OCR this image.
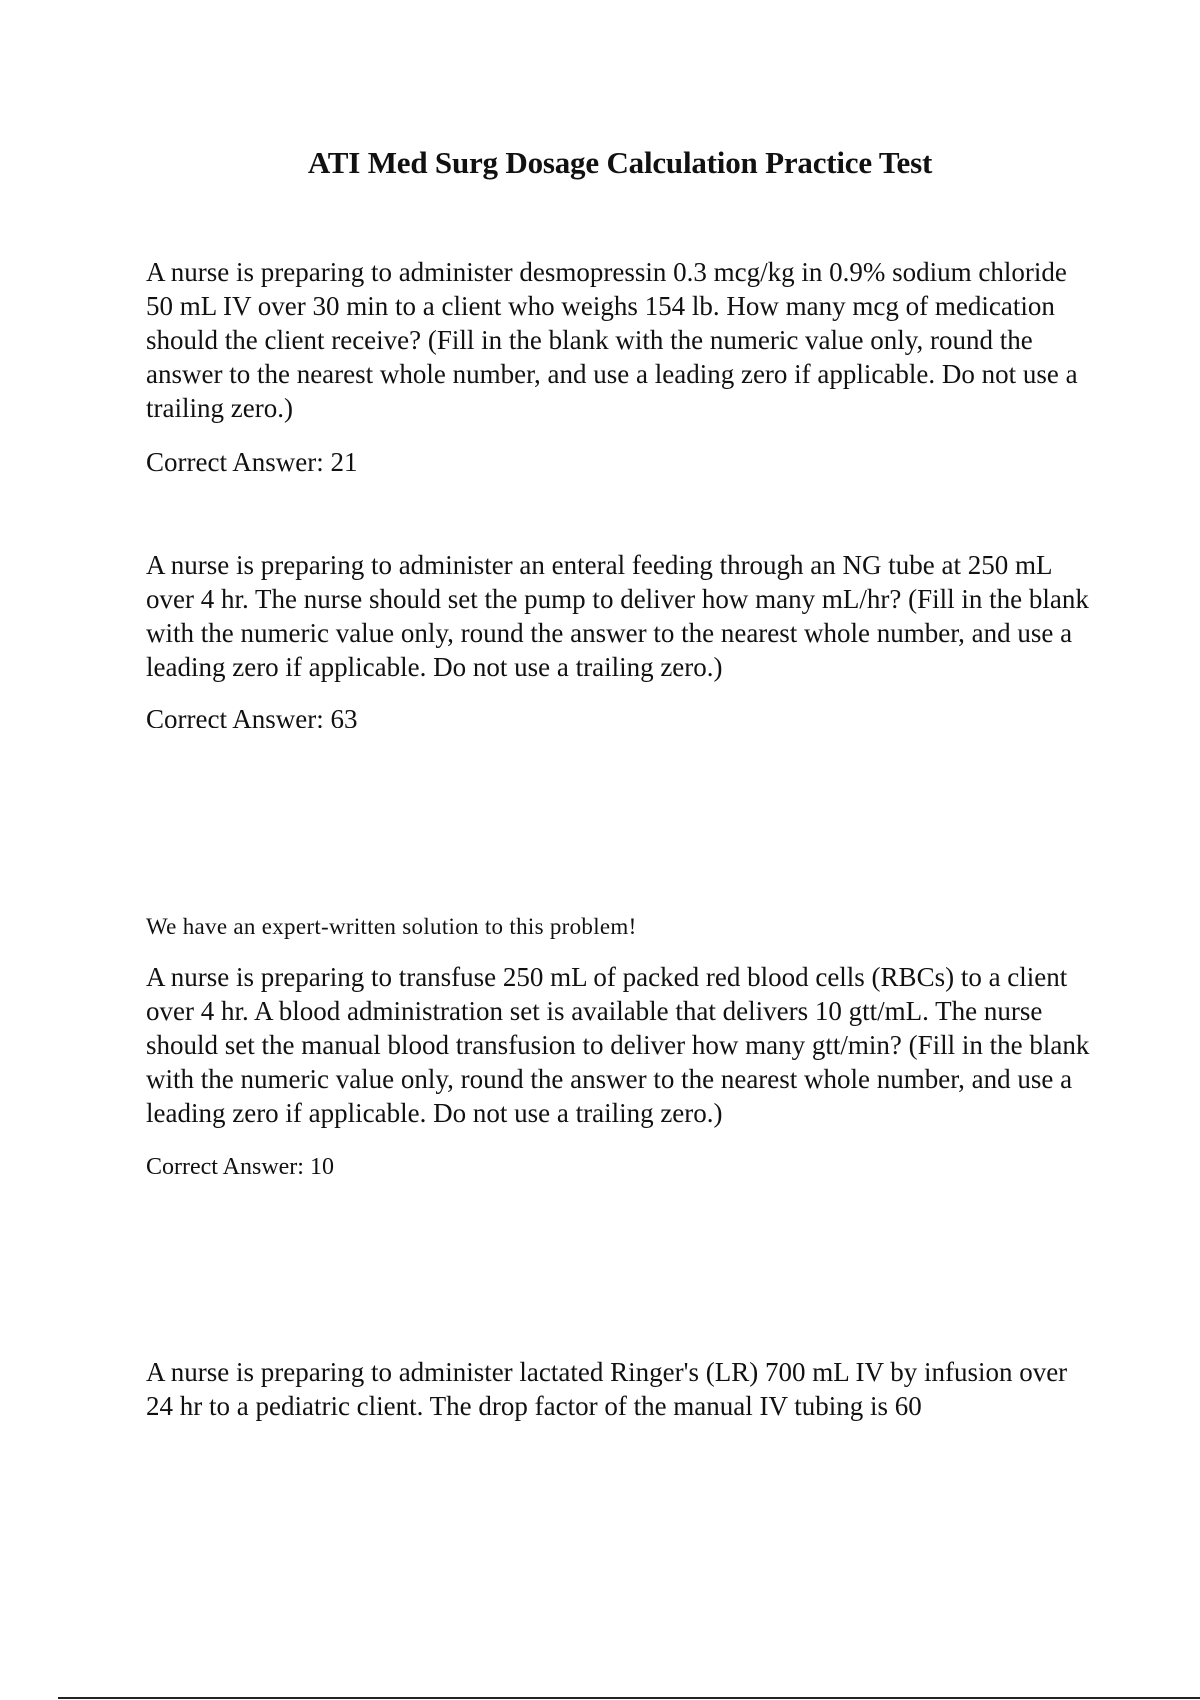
ATI Med Surg Dosage Calculation Practice Test

A nurse is preparing to administer desmopressin 0.3 mcg/kg in 0.9% sodium chloride 50 mL IV over 30 min to a client who weighs 154 lb. How many mcg of medication should the client receive? (Fill in the blank with the numeric value only, round the answer to the nearest whole number, and use a leading zero if applicable. Do not use a trailing zero.)

Correct Answer: 21

A nurse is preparing to administer an enteral feeding through an NG tube at 250 mL over 4 hr. The nurse should set the pump to deliver how many mL/hr? (Fill in the blank with the numeric value only, round the answer to the nearest whole number, and use a leading zero if applicable. Do not use a trailing zero.)

Correct Answer: 63

We have an expert-written solution to this problem!

A nurse is preparing to transfuse 250 mL of packed red blood cells (RBCs) to a client over 4 hr. A blood administration set is available that delivers 10 gtt/mL. The nurse should set the manual blood transfusion to deliver how many gtt/min? (Fill in the blank with the numeric value only, round the answer to the nearest whole number, and use a leading zero if applicable. Do not use a trailing zero.)

Correct Answer: 10

A nurse is preparing to administer lactated Ringer's (LR) 700 mL IV by infusion over 24 hr to a pediatric client. The drop factor of the manual IV tubing is 60
